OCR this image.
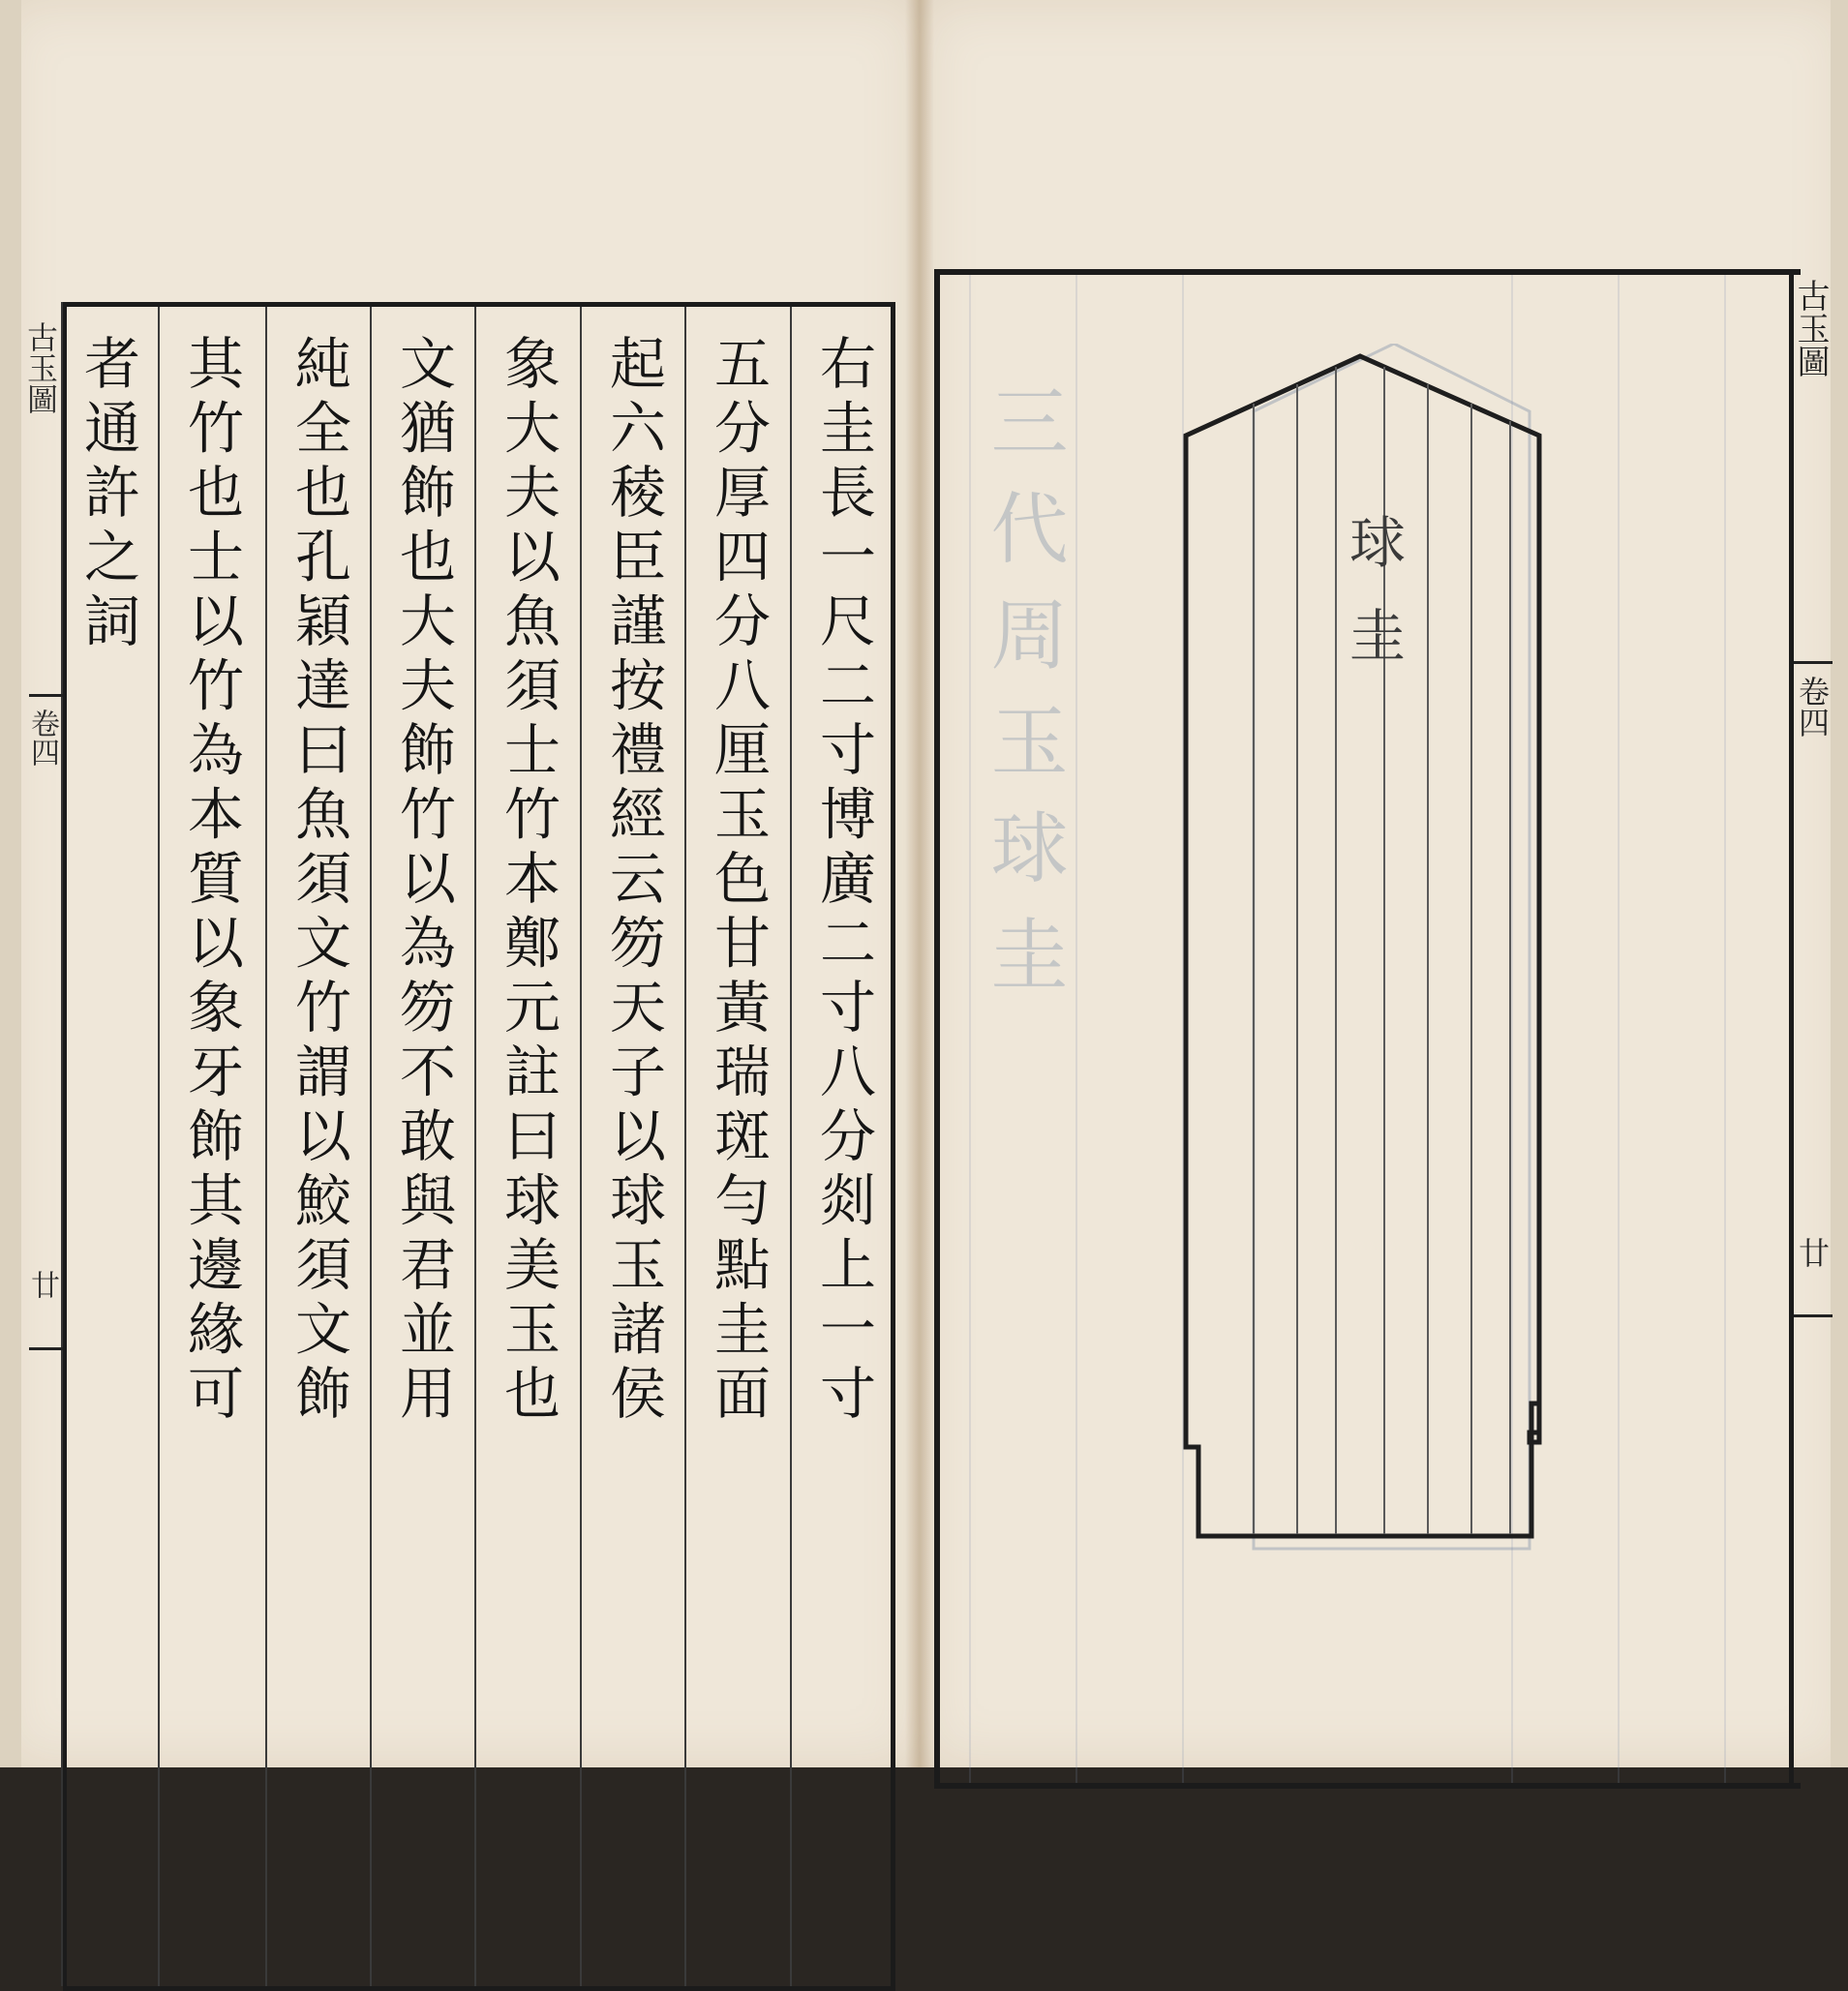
古玉圖
卷四
廿	右圭長一尺二寸博廣二寸八分剡上一寸
五分厚四分八厘玉色甘黃瑞斑勻點圭面
起六稜臣謹按禮經云笏天子以球玉諸侯
象大夫以魚須士竹本鄭元註曰球美玉也
文猶飾也大夫飾竹以為笏不敢與君並用
純全也孔穎達曰魚須文竹謂以鮫須文飾
其竹也士以竹為本質以象牙飾其邊緣可
者通許之詞	三代周玉球圭	球圭
古玉圖
卷四
廿
